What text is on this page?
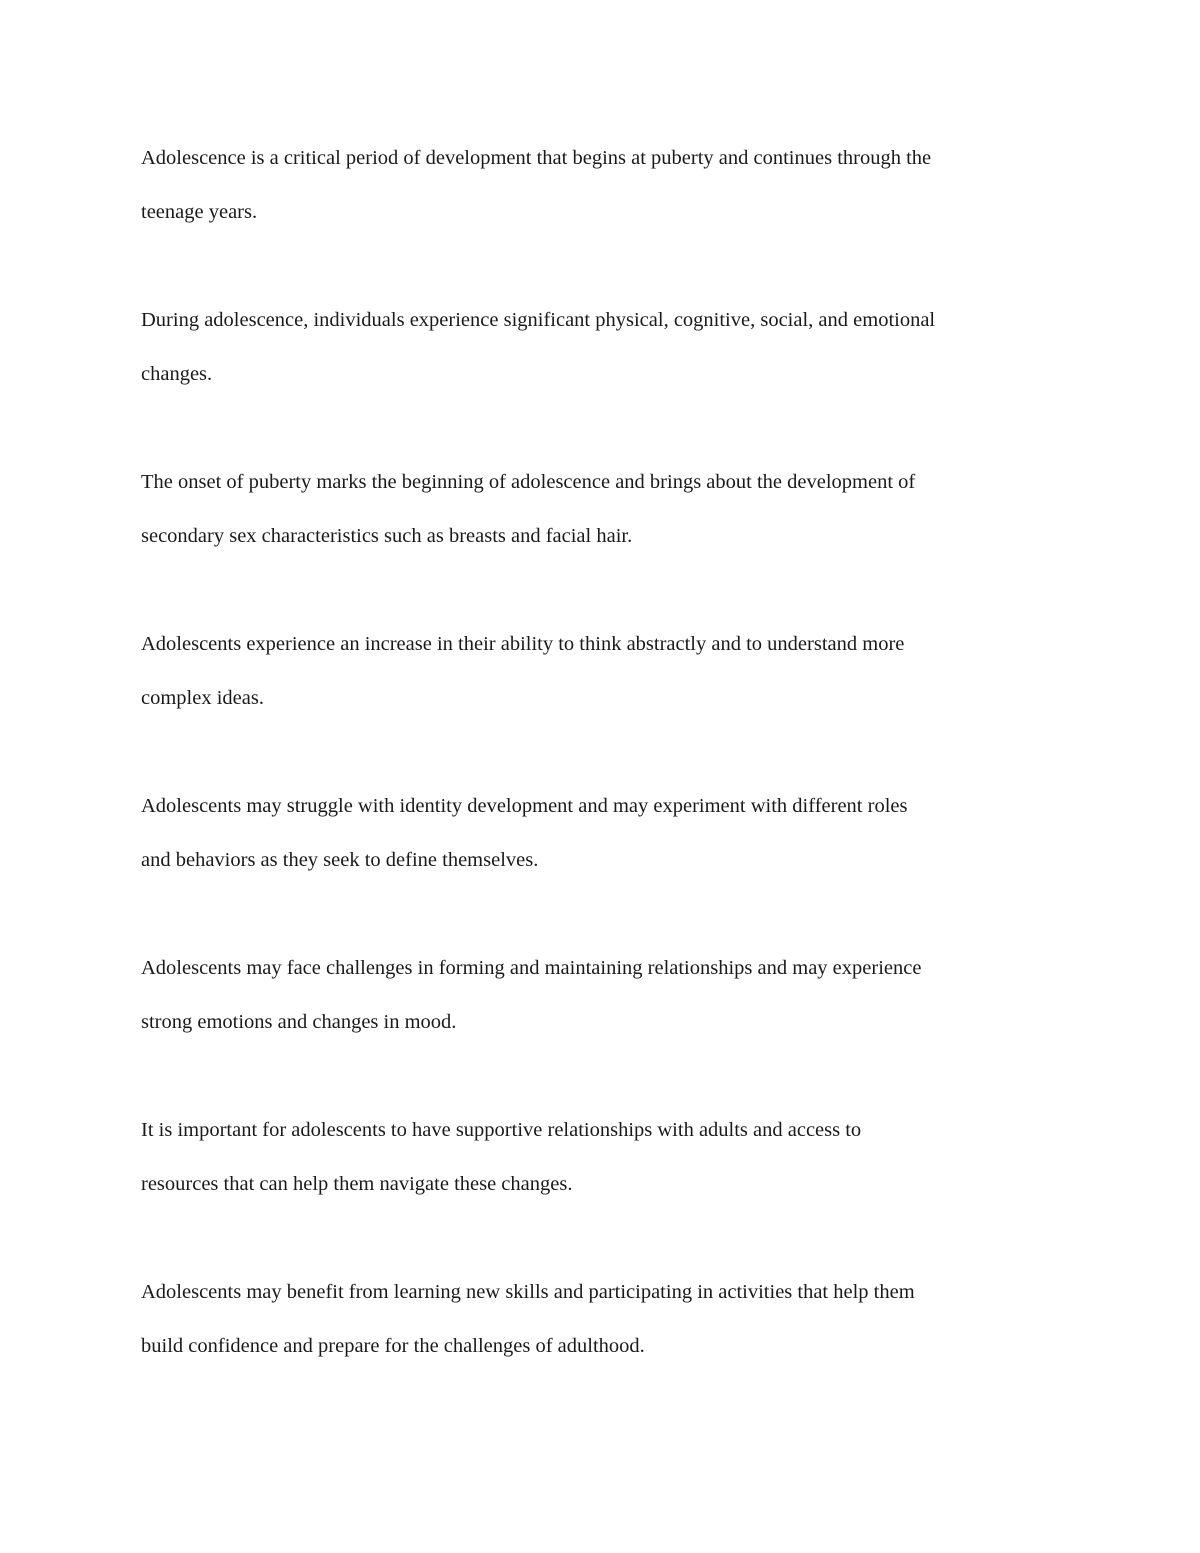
Adolescence is a critical period of development that begins at puberty and continues through the
teenage years.

During adolescence, individuals experience significant physical, cognitive, social, and emotional
changes.

The onset of puberty marks the beginning of adolescence and brings about the development of
secondary sex characteristics such as breasts and facial hair.

Adolescents experience an increase in their ability to think abstractly and to understand more
complex ideas.

Adolescents may struggle with identity development and may experiment with different roles
and behaviors as they seek to define themselves.

Adolescents may face challenges in forming and maintaining relationships and may experience
strong emotions and changes in mood.

It is important for adolescents to have supportive relationships with adults and access to
resources that can help them navigate these changes.

Adolescents may benefit from learning new skills and participating in activities that help them
build confidence and prepare for the challenges of adulthood.
